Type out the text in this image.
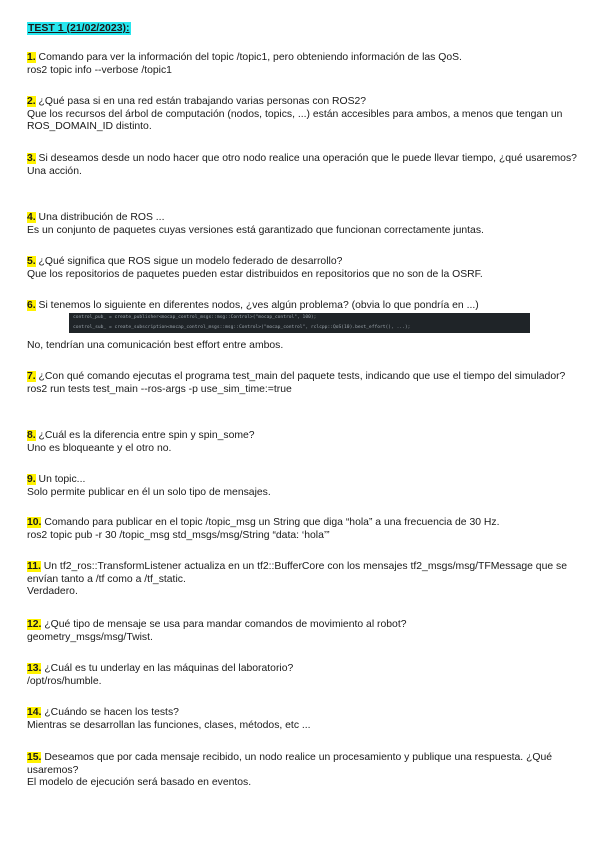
TEST 1 (21/02/2023):

1. Comando para ver la información del topic /topic1, pero obteniendo información de las QoS.

ros2 topic info --verbose /topic1

2. ¿Qué pasa si en una red están trabajando varias personas con ROS2?

Que los recursos del árbol de computación (nodos, topics, ...) están accesibles para ambos, a menos que tengan un ROS_DOMAIN_ID distinto.

3. Si deseamos desde un nodo hacer que otro nodo realice una operación que le puede llevar tiempo, ¿qué usaremos?

Una acción.

4. Una distribución de ROS ...

Es un conjunto de paquetes cuyas versiones está garantizado que funcionan correctamente juntas.

5. ¿Qué significa que ROS sigue un modelo federado de desarrollo?

Que los repositorios de paquetes pueden estar distribuidos en repositorios que no son de la OSRF.

6. Si tenemos lo siguiente en diferentes nodos, ¿ves algún problema? (obvia lo que pondría en ...)

control_pub_ = create_publisher<mocap_control_msgs::msg::Control>("mocap_control", 100);
control_sub_ = create_subscription<mocap_control_msgs::msg::Control>("mocap_control", rclcpp::QoS(10).best_effort(), ...);

No, tendrían una comunicación best effort entre ambos.

7. ¿Con qué comando ejecutas el programa test_main del paquete tests, indicando que use el tiempo del simulador?

ros2 run tests test_main --ros-args -p use_sim_time:=true

8. ¿Cuál es la diferencia entre spin y spin_some?

Uno es bloqueante y el otro no.

9. Un topic...

Solo permite publicar en él un solo tipo de mensajes.

10. Comando para publicar en el topic /topic_msg un String que diga “hola” a una frecuencia de 30 Hz.

ros2 topic pub -r 30 /topic_msg std_msgs/msg/String “data: ‘hola’”

11. Un tf2_ros::TransformListener actualiza en un tf2::BufferCore con los mensajes tf2_msgs/msg/TFMessage que se envían tanto a /tf como a /tf_static.

Verdadero.

12. ¿Qué tipo de mensaje se usa para mandar comandos de movimiento al robot?

geometry_msgs/msg/Twist.

13. ¿Cuál es tu underlay en las máquinas del laboratorio?

/opt/ros/humble.

14. ¿Cuándo se hacen los tests?

Mientras se desarrollan las funciones, clases, métodos, etc ...

15. Deseamos que por cada mensaje recibido, un nodo realice un procesamiento y publique una respuesta. ¿Qué usaremos?

El modelo de ejecución será basado en eventos.
